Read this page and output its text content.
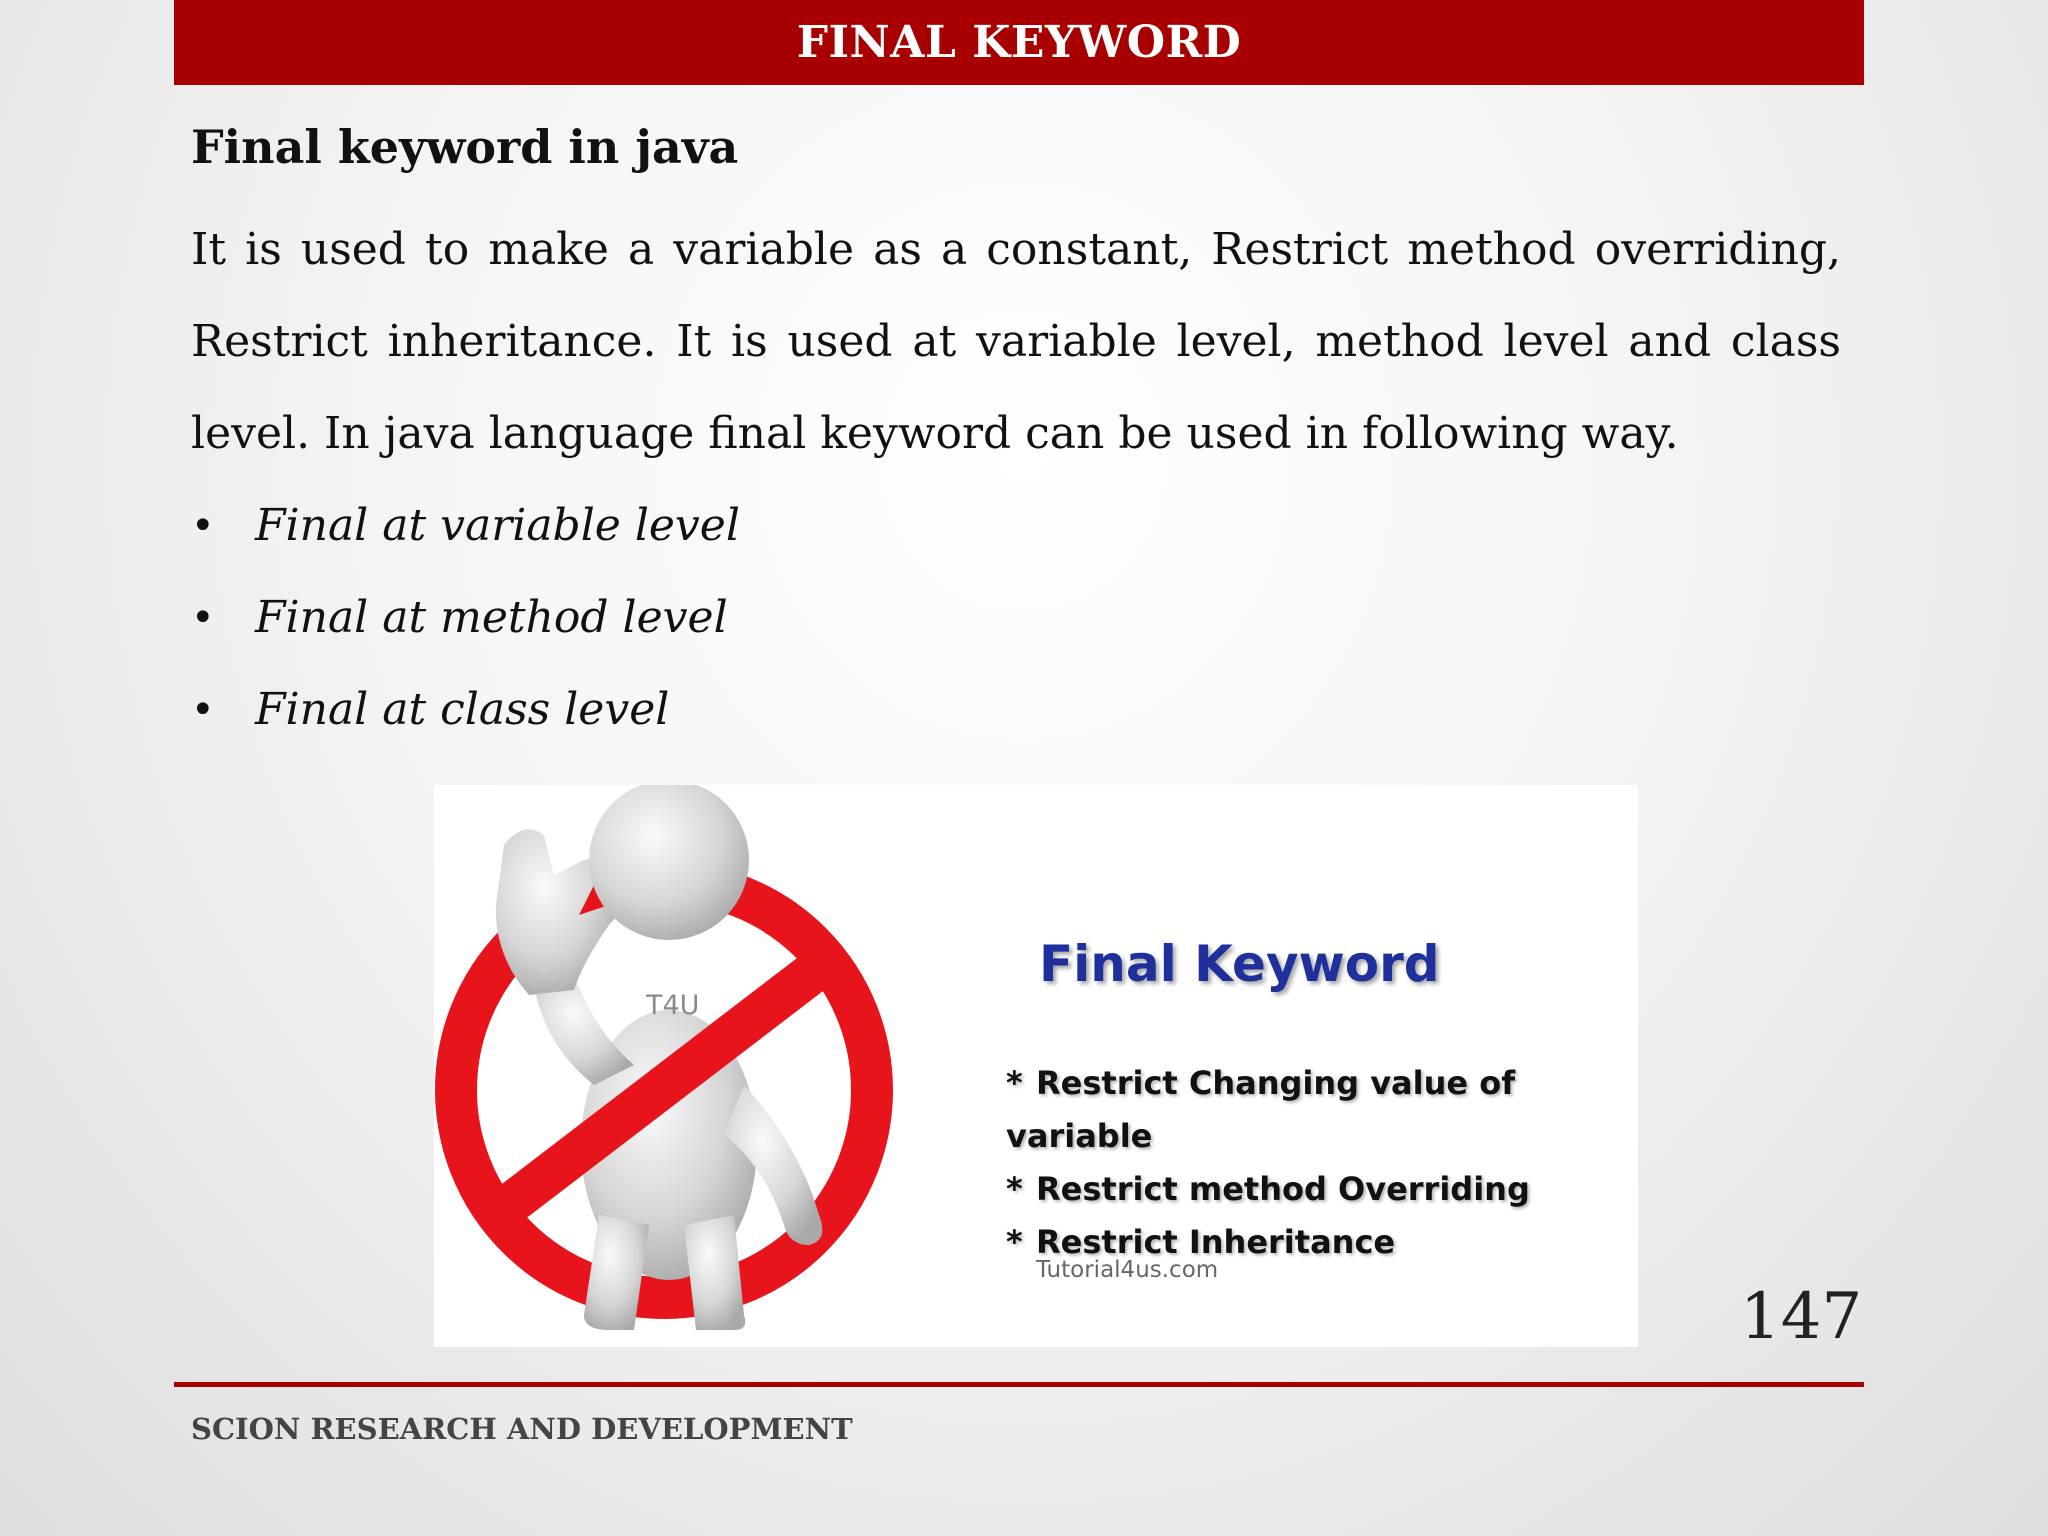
FINAL KEYWORD

Final keyword in java

It is used to make a variable as a constant, Restrict method overriding, Restrict inheritance. It is used at variable level, method level and class level. In java language final keyword can be used in following way.

• Final at variable level
• Final at method level
• Final at class level
T4U
Final Keyword
* Restrict Changing value of variable
* Restrict method Overriding
* Restrict Inheritance
Tutorial4us.com
147
SCION RESEARCH AND DEVELOPMENT
